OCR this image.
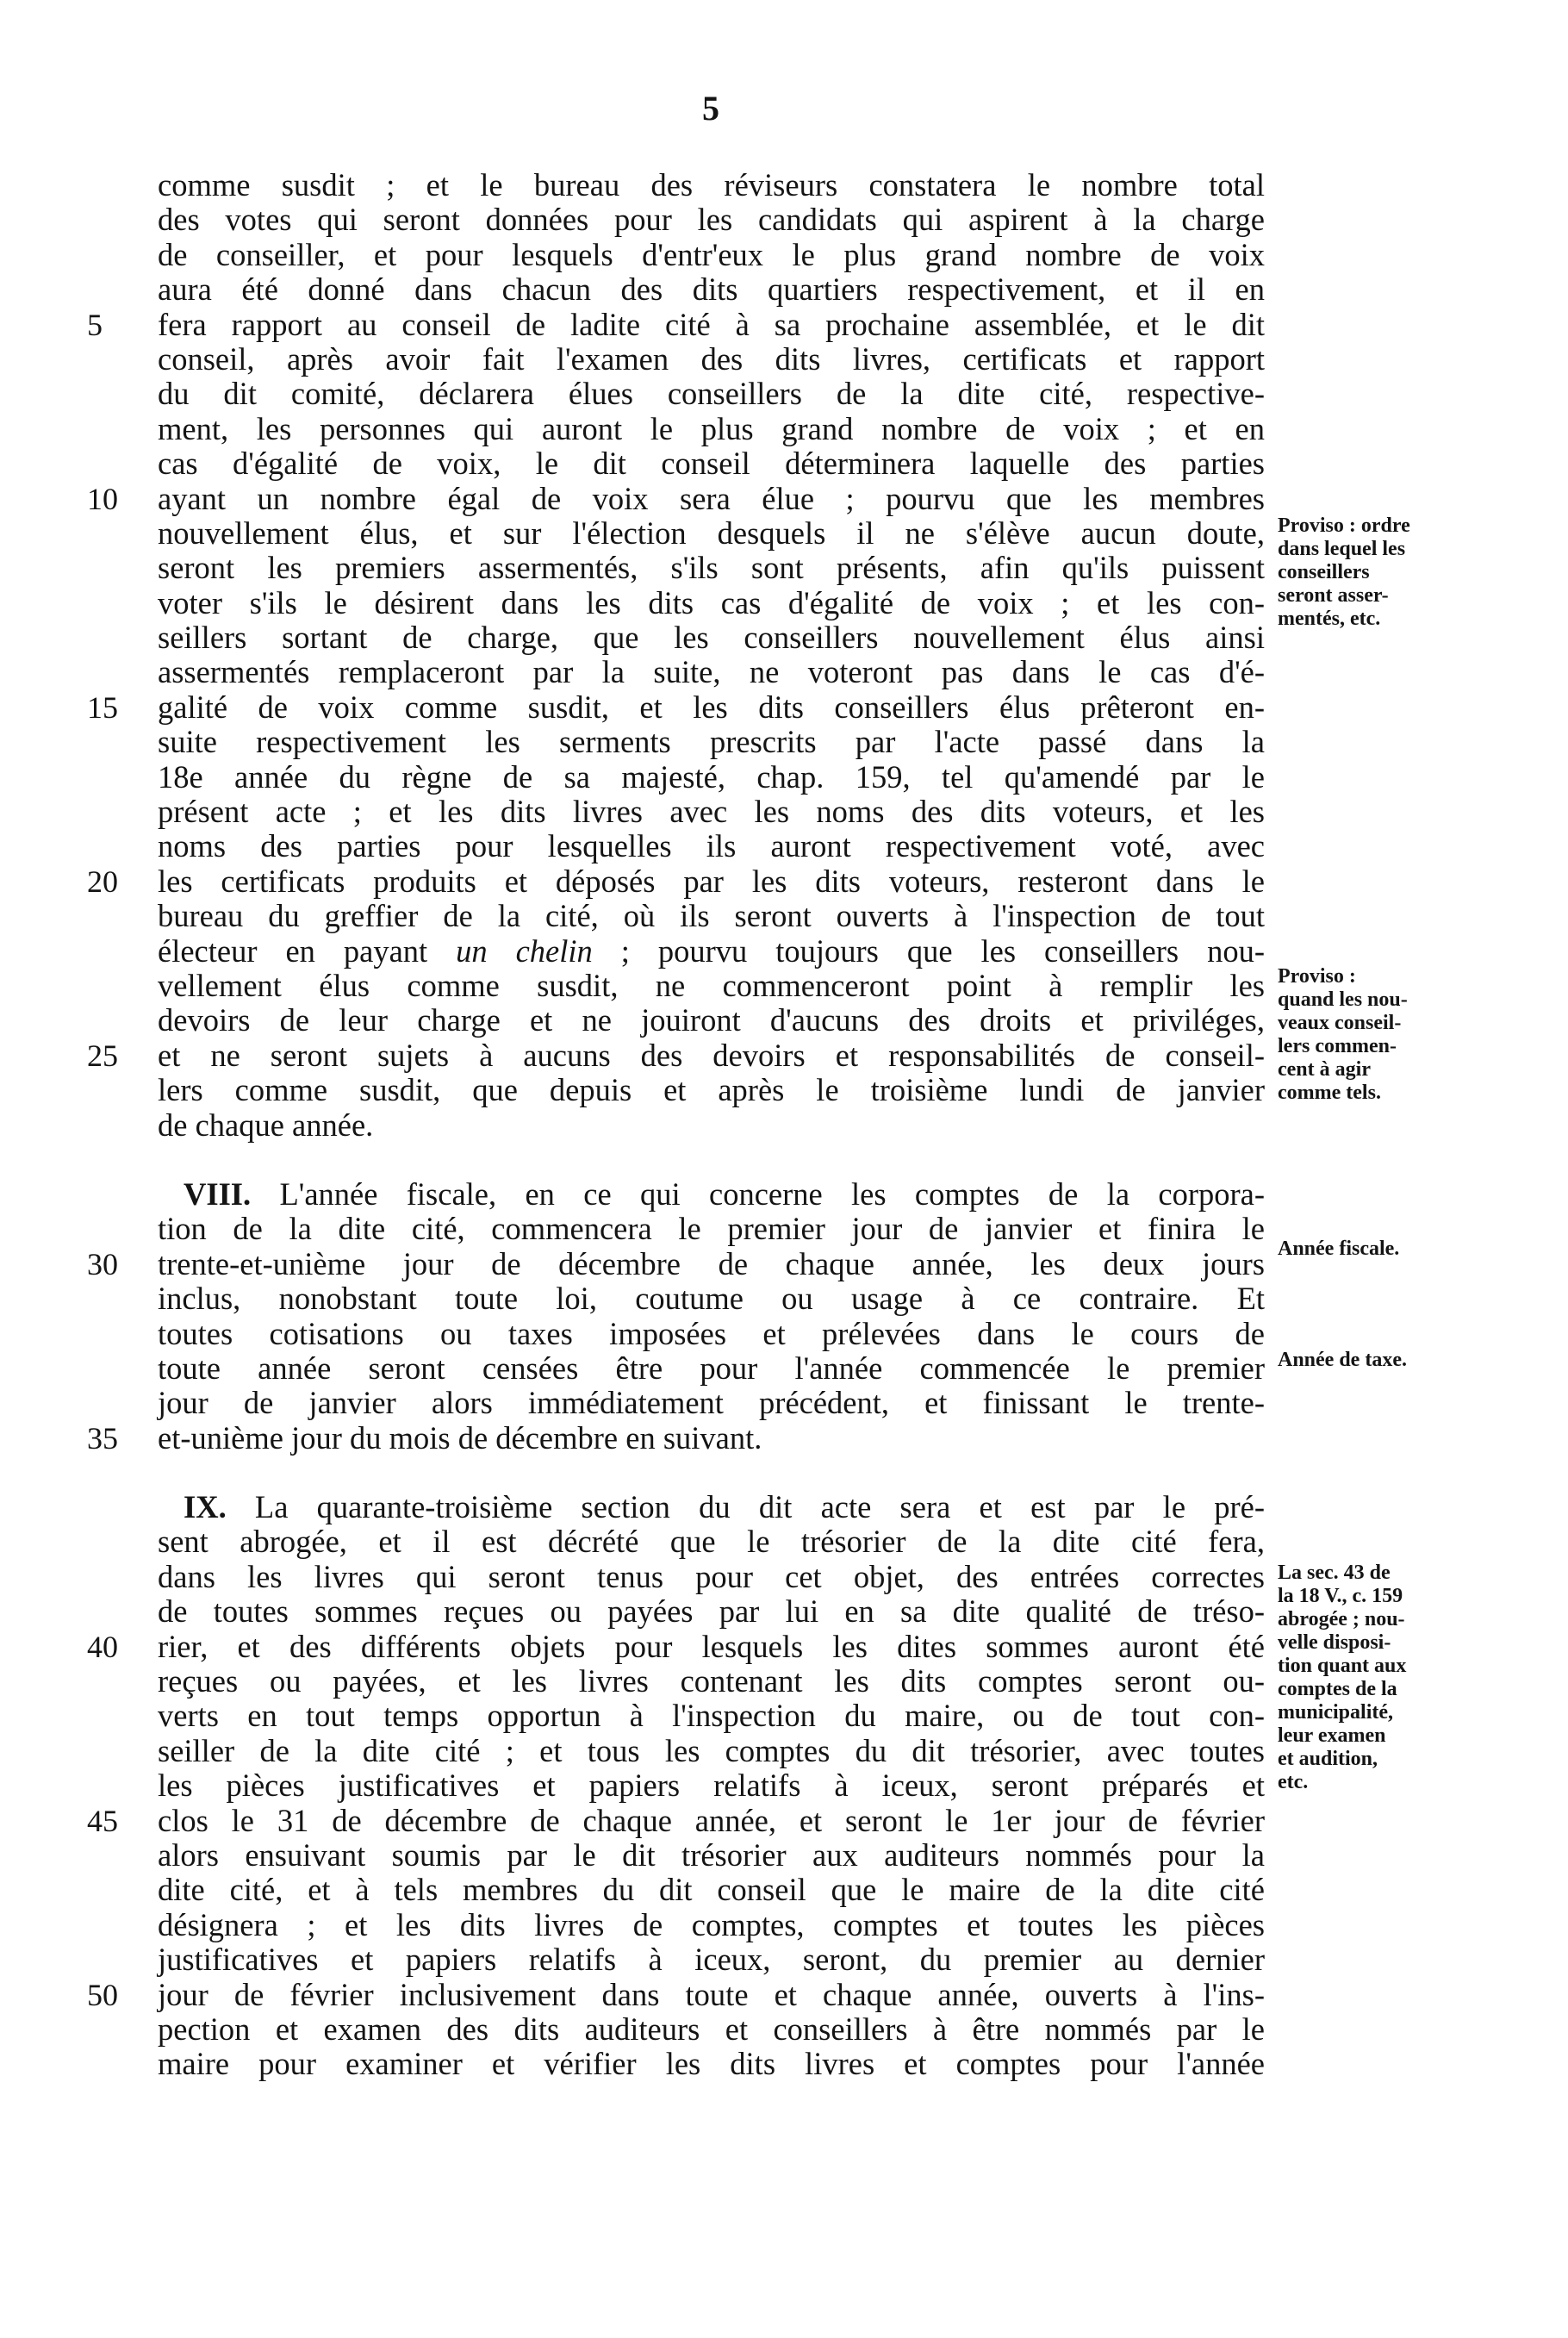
5
comme susdit ; et le bureau des réviseurs constatera le nombre total
des votes qui seront données pour les candidats qui aspirent à la charge
de conseiller, et pour lesquels d'entr'eux le plus grand nombre de voix
aura été donné dans chacun des dits quartiers respectivement, et il en
5	fera rapport au conseil de ladite cité à sa prochaine assemblée, et le dit
conseil, après avoir fait l'examen des dits livres, certificats et rapport
du dit comité, déclarera élues conseillers de la dite cité, respective-
ment, les personnes qui auront le plus grand nombre de voix ; et en
cas d'égalité de voix, le dit conseil déterminera laquelle des parties
10	ayant un nombre égal de voix sera élue ; pourvu que les membres
nouvellement élus, et sur l'élection desquels il ne s'élève aucun doute,
seront les premiers assermentés, s'ils sont présents, afin qu'ils puissent
voter s'ils le désirent dans les dits cas d'égalité de voix ; et les con-
seillers sortant de charge, que les conseillers nouvellement élus ainsi
assermentés remplaceront par la suite, ne voteront pas dans le cas d'é-
15	galité de voix comme susdit, et les dits conseillers élus prêteront en-
suite respectivement les serments prescrits par l'acte passé dans la
18e année du règne de sa majesté, chap. 159, tel qu'amendé par le
présent acte ; et les dits livres avec les noms des dits voteurs, et les
noms des parties pour lesquelles ils auront respectivement voté, avec
20	les certificats produits et déposés par les dits voteurs, resteront dans le
bureau du greffier de la cité, où ils seront ouverts à l'inspection de tout
électeur en payant un chelin ; pourvu toujours que les conseillers nou-
vellement élus comme susdit, ne commenceront point à remplir les
devoirs de leur charge et ne jouiront d'aucuns des droits et priviléges,
25	et ne seront sujets à aucuns des devoirs et responsabilités de conseil-
lers comme susdit, que depuis et après le troisième lundi de janvier
de chaque année.
VIII. L'année fiscale, en ce qui concerne les comptes de la corpora-
tion de la dite cité, commencera le premier jour de janvier et finira le
30	trente-et-unième jour de décembre de chaque année, les deux jours
inclus, nonobstant toute loi, coutume ou usage à ce contraire. Et
toutes cotisations ou taxes imposées et prélevées dans le cours de
toute année seront censées être pour l'année commencée le premier
jour de janvier alors immédiatement précédent, et finissant le trente-
35	et-unième jour du mois de décembre en suivant.
IX. La quarante-troisième section du dit acte sera et est par le pré-
sent abrogée, et il est décrété que le trésorier de la dite cité fera,
dans les livres qui seront tenus pour cet objet, des entrées correctes
de toutes sommes reçues ou payées par lui en sa dite qualité de tréso-
40	rier, et des différents objets pour lesquels les dites sommes auront été
reçues ou payées, et les livres contenant les dits comptes seront ou-
verts en tout temps opportun à l'inspection du maire, ou de tout con-
seiller de la dite cité ; et tous les comptes du dit trésorier, avec toutes
les pièces justificatives et papiers relatifs à iceux, seront préparés et
45	clos le 31 de décembre de chaque année, et seront le 1er jour de février
alors ensuivant soumis par le dit trésorier aux auditeurs nommés pour la
dite cité, et à tels membres du dit conseil que le maire de la dite cité
désignera ; et les dits livres de comptes, comptes et toutes les pièces
justificatives et papiers relatifs à iceux, seront, du premier au dernier
50	jour de février inclusivement dans toute et chaque année, ouverts à l'ins-
pection et examen des dits auditeurs et conseillers à être nommés par le
maire pour examiner et vérifier les dits livres et comptes pour l'année
Proviso : ordre
dans lequel les
conseillers
seront asser-
mentés, etc.
Proviso :
quand les nou-
veaux conseil-
lers commen-
cent à agir
comme tels.
Année fiscale.
Année de taxe.
La sec. 43 de
la 18 V., c. 159
abrogée ; nou-
velle disposi-
tion quant aux
comptes de la
municipalité,
leur examen
et audition,
etc.
